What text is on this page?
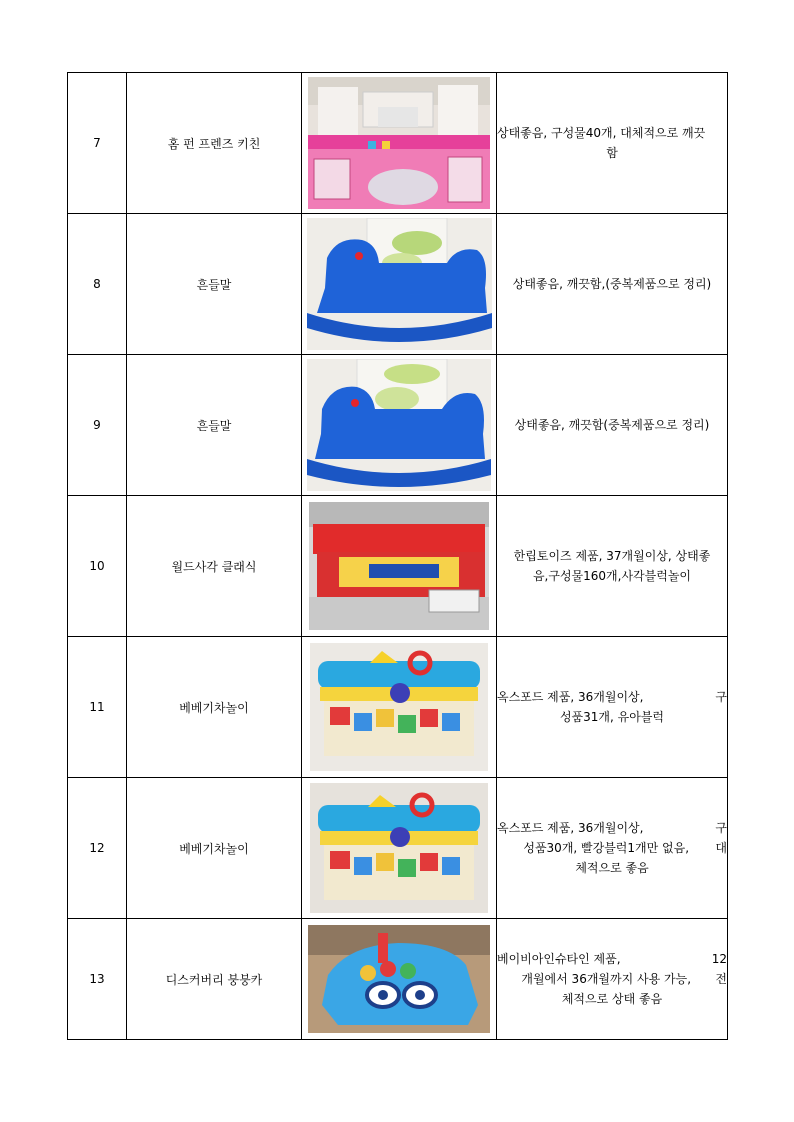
7	홈 펀 프렌즈 키친		상태좋음, 구성물40개, 대체적으로 깨끗

함

8	흔들말		상태좋음, 깨끗함,(중복제품으로 정리)

9	흔들말		상태좋음, 깨끗함(중복제품으로 정리)

10	월드사각 클래식		한립토이즈 제품, 37개월이상, 상태좋

음,구성물160개,사각블럭놀이

11	베베기차놀이		옥스포드 제품, 36개월이상, 구

성품31개, 유아블럭

12	베베기차놀이		옥스포드 제품, 36개월이상, 구
성품30개, 빨강블럭1개만 없음, 대

체적으로 좋음

13	디스커버리 붕붕카		베이비아인슈타인 제품, 12
개월에서 36개월까지 사용 가능, 전

체적으로 상태 좋음
